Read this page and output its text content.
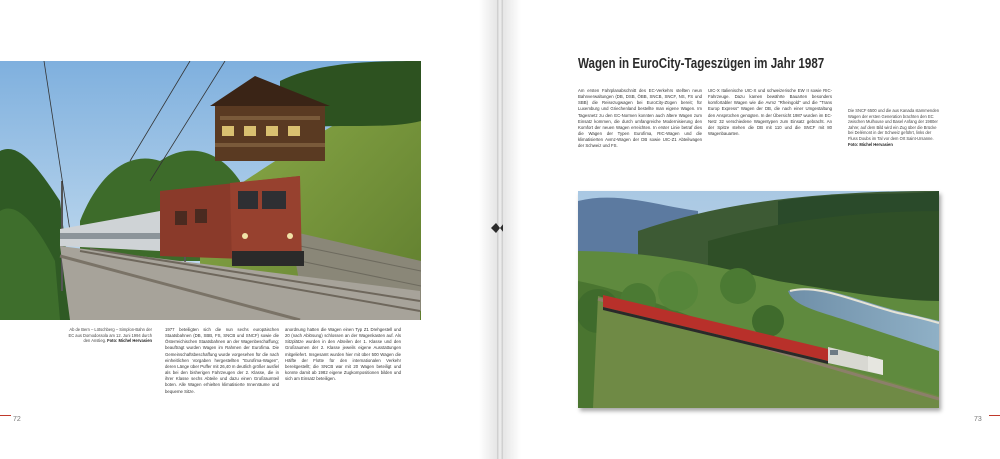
Ab de Bern – Lötschberg – Simplon-Bahn der EC aus Domodossola am 12. Juni 1994 durch den Anstieg. Foto: Michel Hervasien
1977 beteiligten sich die nun sechs europäischen Staatsbahnen (DB, SBB, FS, SNCB und SNCF) sowie die Österreichischen Staatsbahnen an der Wagenbeschaffung; beauftragt wurden Wagen im Rahmen der Eurofima. Die Gemeinschaftsbeschaffung wurde vorgesehen für die nach einheitlichen Vorgaben hergestellten "Eurofima-Wagen", deren Länge über Puffer mit 26,40 m deutlich größer ausfiel als bei den bisherigen Fahrzeugen der 2. Klasse, die in ihrer Klasse sechs Abteile und dazu einen Großraumteil boten. Alle Wagen erhielten klimatisierte Innenräume und bequeme Sitze.
anordnung hatten die Wagen einen Typ Z1 Drehgestell und 20 (nach Ablösung) schlossen an der Wagenkasten auf. Als Sitzplätze wurden in den Abteilen der 1. Klasse und den Großraumen der 2. Klasse jeweils eigene Ausstattungen mitgeliefert. Insgesamt wurden hier mit über 500 Wagen die Hälfte der Flotte für den internationalen Verkehr bereitgestellt; die SNCB war mit 20 Wagen beteiligt und konnte damit ab 1982 eigene Zugkompositionen bilden und sich am Einsatz beteiligen.
72	73
Wagen in EuroCity-Tageszügen im Jahr 1987
Am ersten Fahrplanabschnitt des EC-Verkehrs stellten neun Bahnverwaltungen (DB, DSB, ÖBB, SNCB, SNCF, NS, FS und SBB) die Reisezugwagen bei EuroCity-Zügen bereit; für Luxemburg und Griechenland bestellte man eigene Wagen. Im Tagesnetz zu den EC-Normen konnten auch ältere Wagen zum Einsatz kommen, die durch umfangreiche Modernisierung den Komfort der neuen Wagen erreichten. In erster Linie betraf dies die Wagen der Typen Eurofima, RIC-Wagen und die klimatisierten Avmz-Wagen der DB sowie UIC-Z1 Abteilwagen der Schweiz und FS.
UIC-X Italienische UIC-X und schweizerische EW II sowie RIC-Fahrzeuge. Dazu kamen bewährte Bauarten besonders komfortabler Wagen wie die Avmz "Rheingold" und die "Trans Europ Express" Wagen der DB, die nach einer Umgestaltung den Ansprüchen genügten. In der Übersicht 1987 wurden im EC-Netz 32 verschiedene Wagentypen zum Einsatz gebracht. An der Spitze stehen die DB mit 110 und die SNCF mit 80 Wagenbauarten.
Die SNCF 6500 und die aus Kanada stammenden Wagen der ersten Generation brachten den EC zwischen Mulhouse und Basel Anfang der 1980er Jahre; auf dem Bild wird ein Zug über die Brücke bei Delémont in der Schweiz geführt, links der Fluss Doubs im Tal vor dem Ort Saint-Ursanne. Foto: Michel Hervasien
